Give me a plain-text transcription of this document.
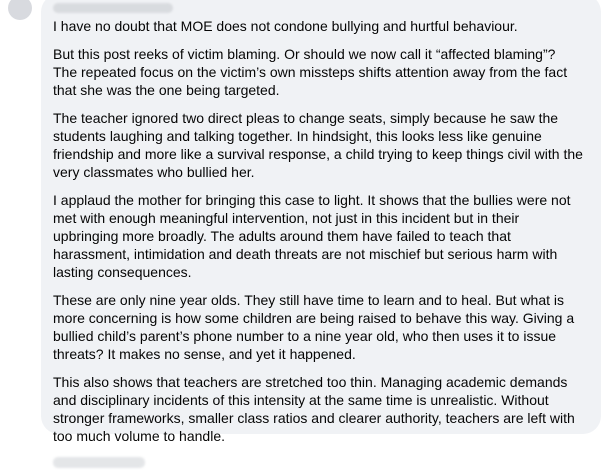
I have no doubt that MOE does not condone bullying and hurtful behaviour.

But this post reeks of victim blaming. Or should we now call it “affected blaming”? The repeated focus on the victim’s own missteps shifts attention away from the fact that she was the one being targeted.

The teacher ignored two direct pleas to change seats, simply because he saw the students laughing and talking together. In hindsight, this looks less like genuine friendship and more like a survival response, a child trying to keep things civil with the very classmates who bullied her.

I applaud the mother for bringing this case to light. It shows that the bullies were not met with enough meaningful intervention, not just in this incident but in their upbringing more broadly. The adults around them have failed to teach that harassment, intimidation and death threats are not mischief but serious harm with lasting consequences.

These are only nine year olds. They still have time to learn and to heal. But what is more concerning is how some children are being raised to behave this way. Giving a bullied child’s parent’s phone number to a nine year old, who then uses it to issue threats? It makes no sense, and yet it happened.

This also shows that teachers are stretched too thin. Managing academic demands and disciplinary incidents of this intensity at the same time is unrealistic. Without stronger frameworks, smaller class ratios and clearer authority, teachers are left with too much volume to handle.
